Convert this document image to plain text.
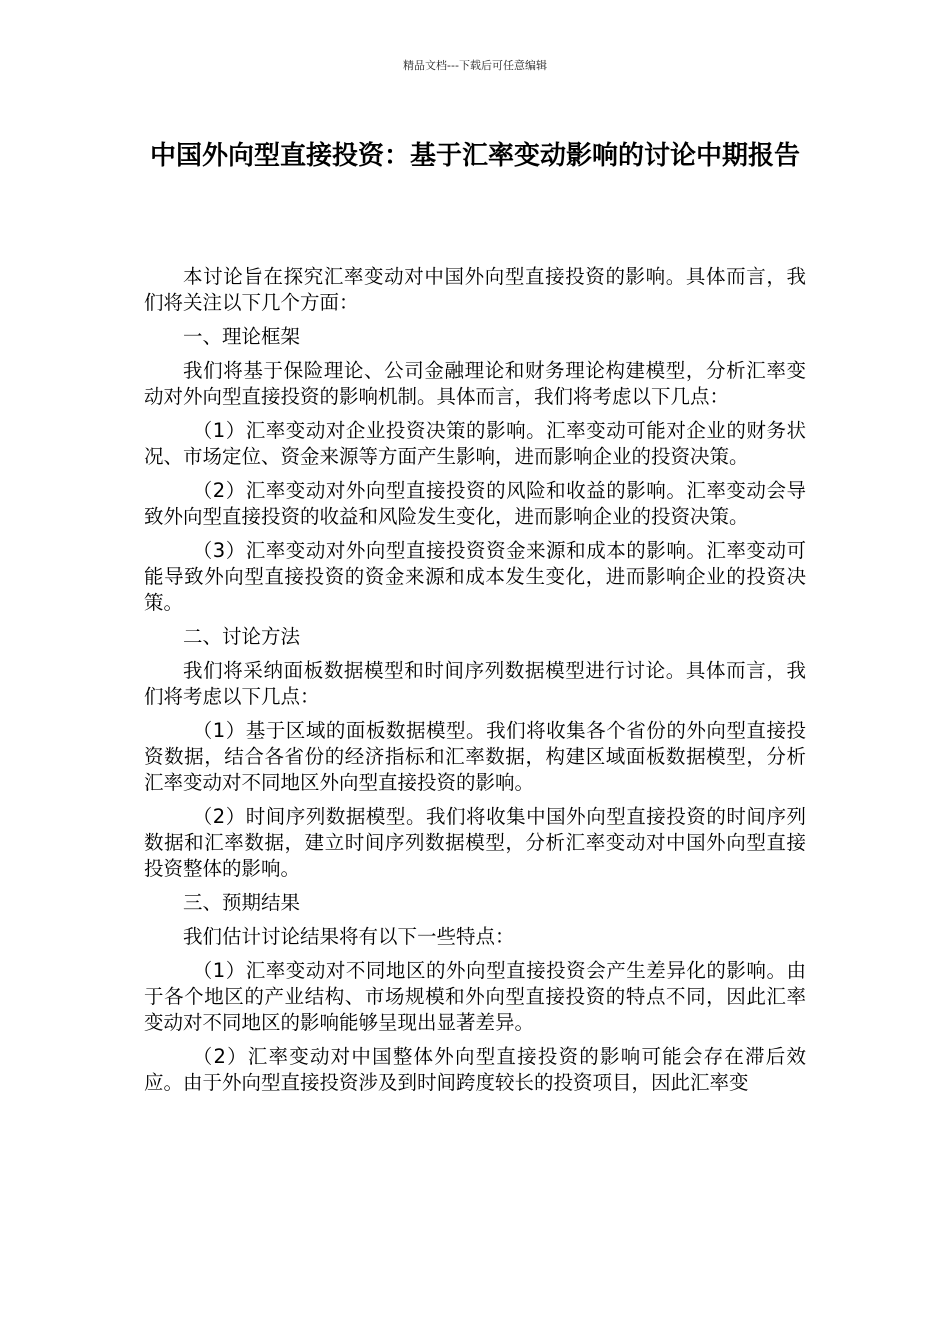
精品文档---下载后可任意编辑
中国外向型直接投资：基于汇率变动影响的讨论中期报告

本讨论旨在探究汇率变动对中国外向型直接投资的影响。具体而言，我们将关注以下几个方面：

一、理论框架

我们将基于保险理论、公司金融理论和财务理论构建模型，分析汇率变动对外向型直接投资的影响机制。具体而言，我们将考虑以下几点：

（1）汇率变动对企业投资决策的影响。汇率变动可能对企业的财务状况、市场定位、资金来源等方面产生影响，进而影响企业的投资决策。

（2）汇率变动对外向型直接投资的风险和收益的影响。汇率变动会导致外向型直接投资的收益和风险发生变化，进而影响企业的投资决策。

（3）汇率变动对外向型直接投资资金来源和成本的影响。汇率变动可能导致外向型直接投资的资金来源和成本发生变化，进而影响企业的投资决策。

二、讨论方法

我们将采纳面板数据模型和时间序列数据模型进行讨论。具体而言，我们将考虑以下几点：

（1）基于区域的面板数据模型。我们将收集各个省份的外向型直接投资数据，结合各省份的经济指标和汇率数据，构建区域面板数据模型，分析汇率变动对不同地区外向型直接投资的影响。

（2）时间序列数据模型。我们将收集中国外向型直接投资的时间序列数据和汇率数据，建立时间序列数据模型，分析汇率变动对中国外向型直接投资整体的影响。

三、预期结果

我们估计讨论结果将有以下一些特点：

（1）汇率变动对不同地区的外向型直接投资会产生差异化的影响。由于各个地区的产业结构、市场规模和外向型直接投资的特点不同，因此汇率变动对不同地区的影响能够呈现出显著差异。

（2）汇率变动对中国整体外向型直接投资的影响可能会存在滞后效应。由于外向型直接投资涉及到时间跨度较长的投资项目，因此汇率变
